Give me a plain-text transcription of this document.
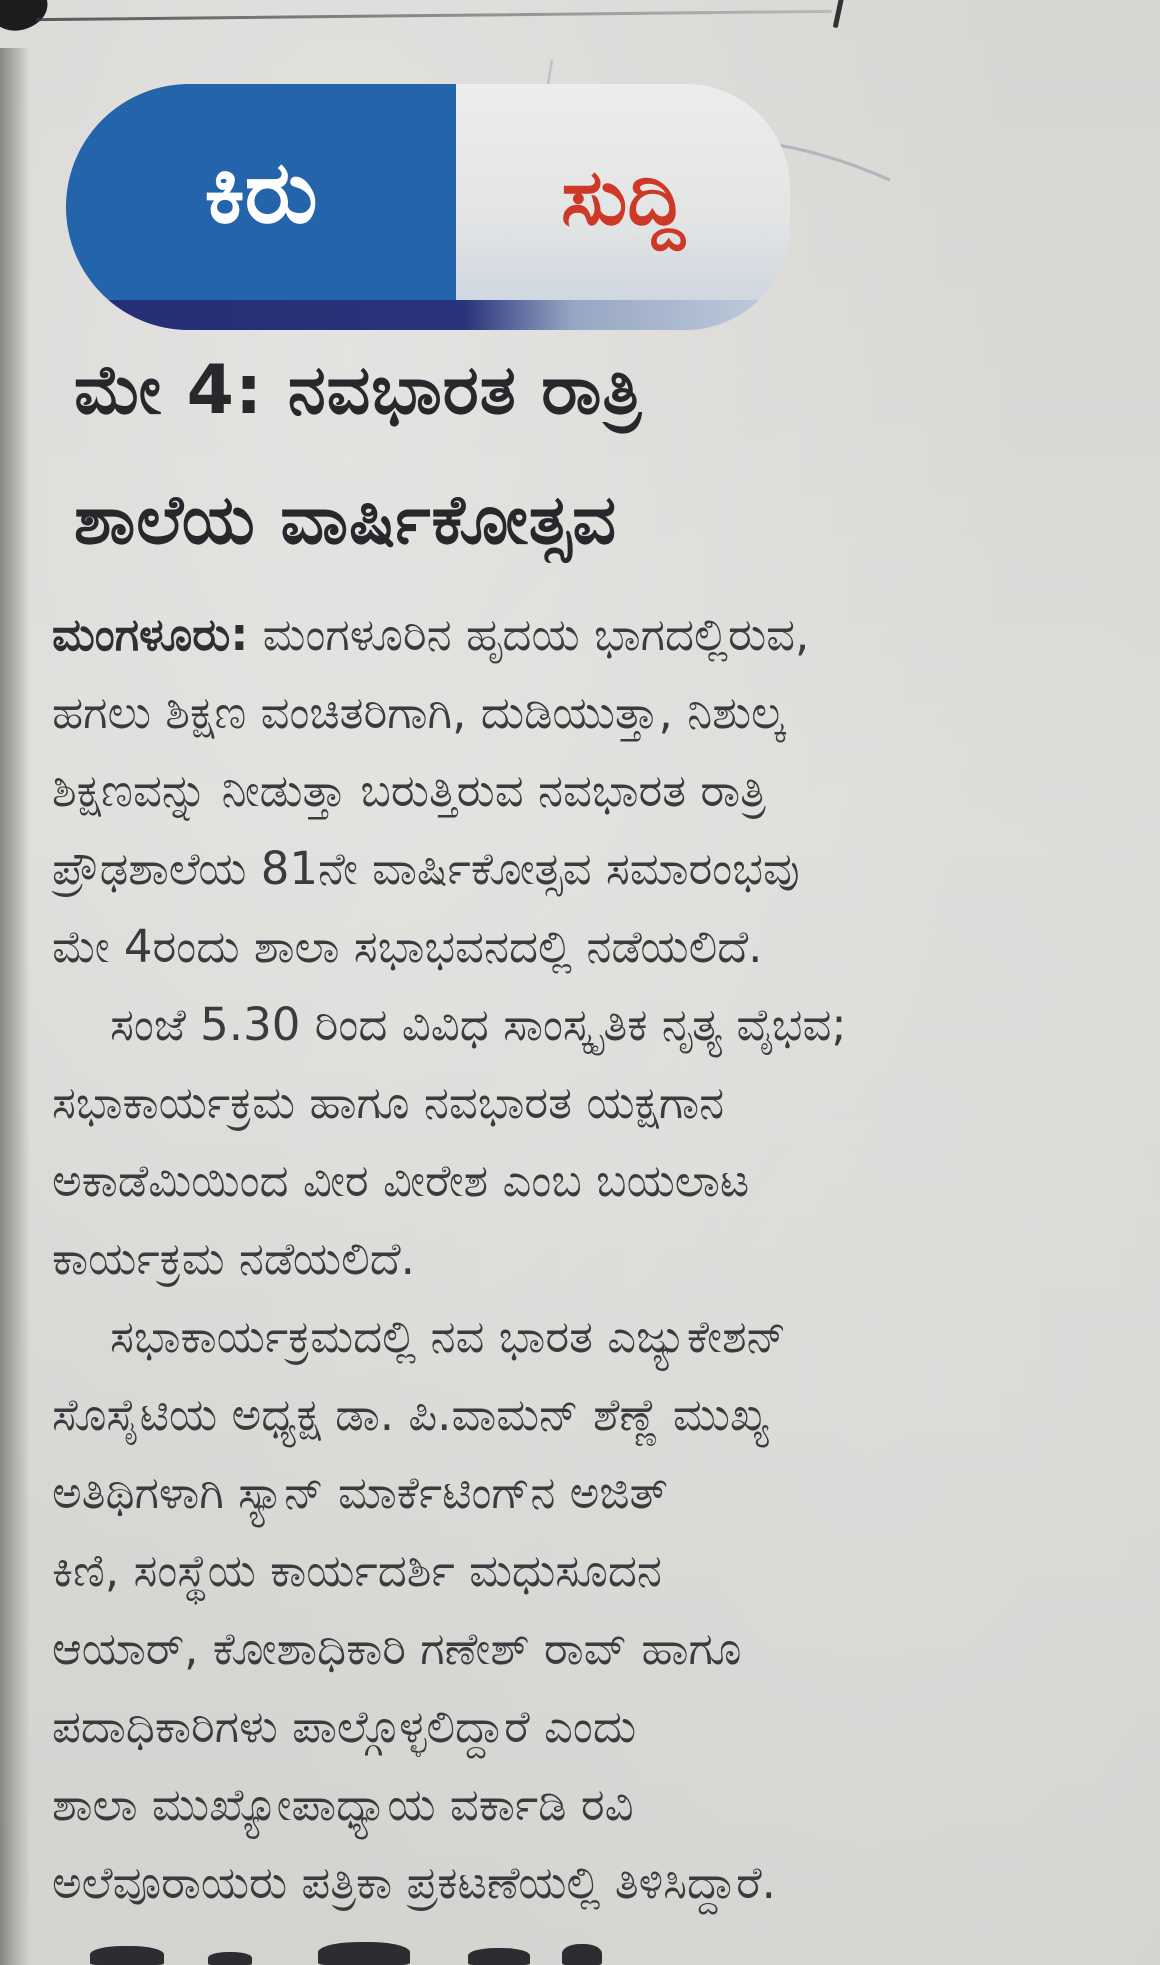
ಕಿರು	ಸುದ್ದಿ
ಮೇ 4: ನವಭಾರತ ರಾತ್ರಿ
ಶಾಲೆಯ ವಾರ್ಷಿಕೋತ್ಸವ
ಮಂಗಳೂರು: ಮಂಗಳೂರಿನ ಹೃದಯ ಭಾಗದಲ್ಲಿರುವ,
ಹಗಲು ಶಿಕ್ಷಣ ವಂಚಿತರಿಗಾಗಿ, ದುಡಿಯುತ್ತಾ, ನಿಶುಲ್ಕ
ಶಿಕ್ಷಣವನ್ನು ನೀಡುತ್ತಾ ಬರುತ್ತಿರುವ ನವಭಾರತ ರಾತ್ರಿ
ಪ್ರೌಢಶಾಲೆಯ 81ನೇ ವಾರ್ಷಿಕೋತ್ಸವ ಸಮಾರಂಭವು
ಮೇ 4ರಂದು ಶಾಲಾ ಸಭಾಭವನದಲ್ಲಿ ನಡೆಯಲಿದೆ.
ಸಂಜೆ 5.30 ರಿಂದ ವಿವಿಧ ಸಾಂಸ್ಕೃತಿಕ ನೃತ್ಯ ವೈಭವ;
ಸಭಾಕಾರ್ಯಕ್ರಮ ಹಾಗೂ ನವಭಾರತ ಯಕ್ಷಗಾನ
ಅಕಾಡೆಮಿಯಿಂದ ವೀರ ವೀರೇಶ ಎಂಬ ಬಯಲಾಟ
ಕಾರ್ಯಕ್ರಮ ನಡೆಯಲಿದೆ.
ಸಭಾಕಾರ್ಯಕ್ರಮದಲ್ಲಿ ನವ ಭಾರತ ಎಜ್ಯುಕೇಶನ್
ಸೊಸೈಟಿಯ ಅಧ್ಯಕ್ಷ ಡಾ. ಪಿ.ವಾಮನ್ ಶೆಣ್ಣೆ ಮುಖ್ಯ
ಅತಿಥಿಗಳಾಗಿ ಸ್ಯಾನ್ ಮಾರ್ಕೆಟಿಂಗ್‌ನ ಅಜಿತ್
ಕಿಣಿ, ಸಂಸ್ಥೆಯ ಕಾರ್ಯದರ್ಶಿ ಮಧುಸೂದನ
ಆಯಾರ್, ಕೋಶಾಧಿಕಾರಿ ಗಣೇಶ್ ರಾವ್ ಹಾಗೂ
ಪದಾಧಿಕಾರಿಗಳು ಪಾಲ್ಗೊಳ್ಳಲಿದ್ದಾರೆ ಎಂದು
ಶಾಲಾ ಮುಖ್ಯೋಪಾಧ್ಯಾಯ ವರ್ಕಾಡಿ ರವಿ
ಅಲೆವೂರಾಯರು ಪತ್ರಿಕಾ ಪ್ರಕಟಣೆಯಲ್ಲಿ ತಿಳಿಸಿದ್ದಾರೆ.
